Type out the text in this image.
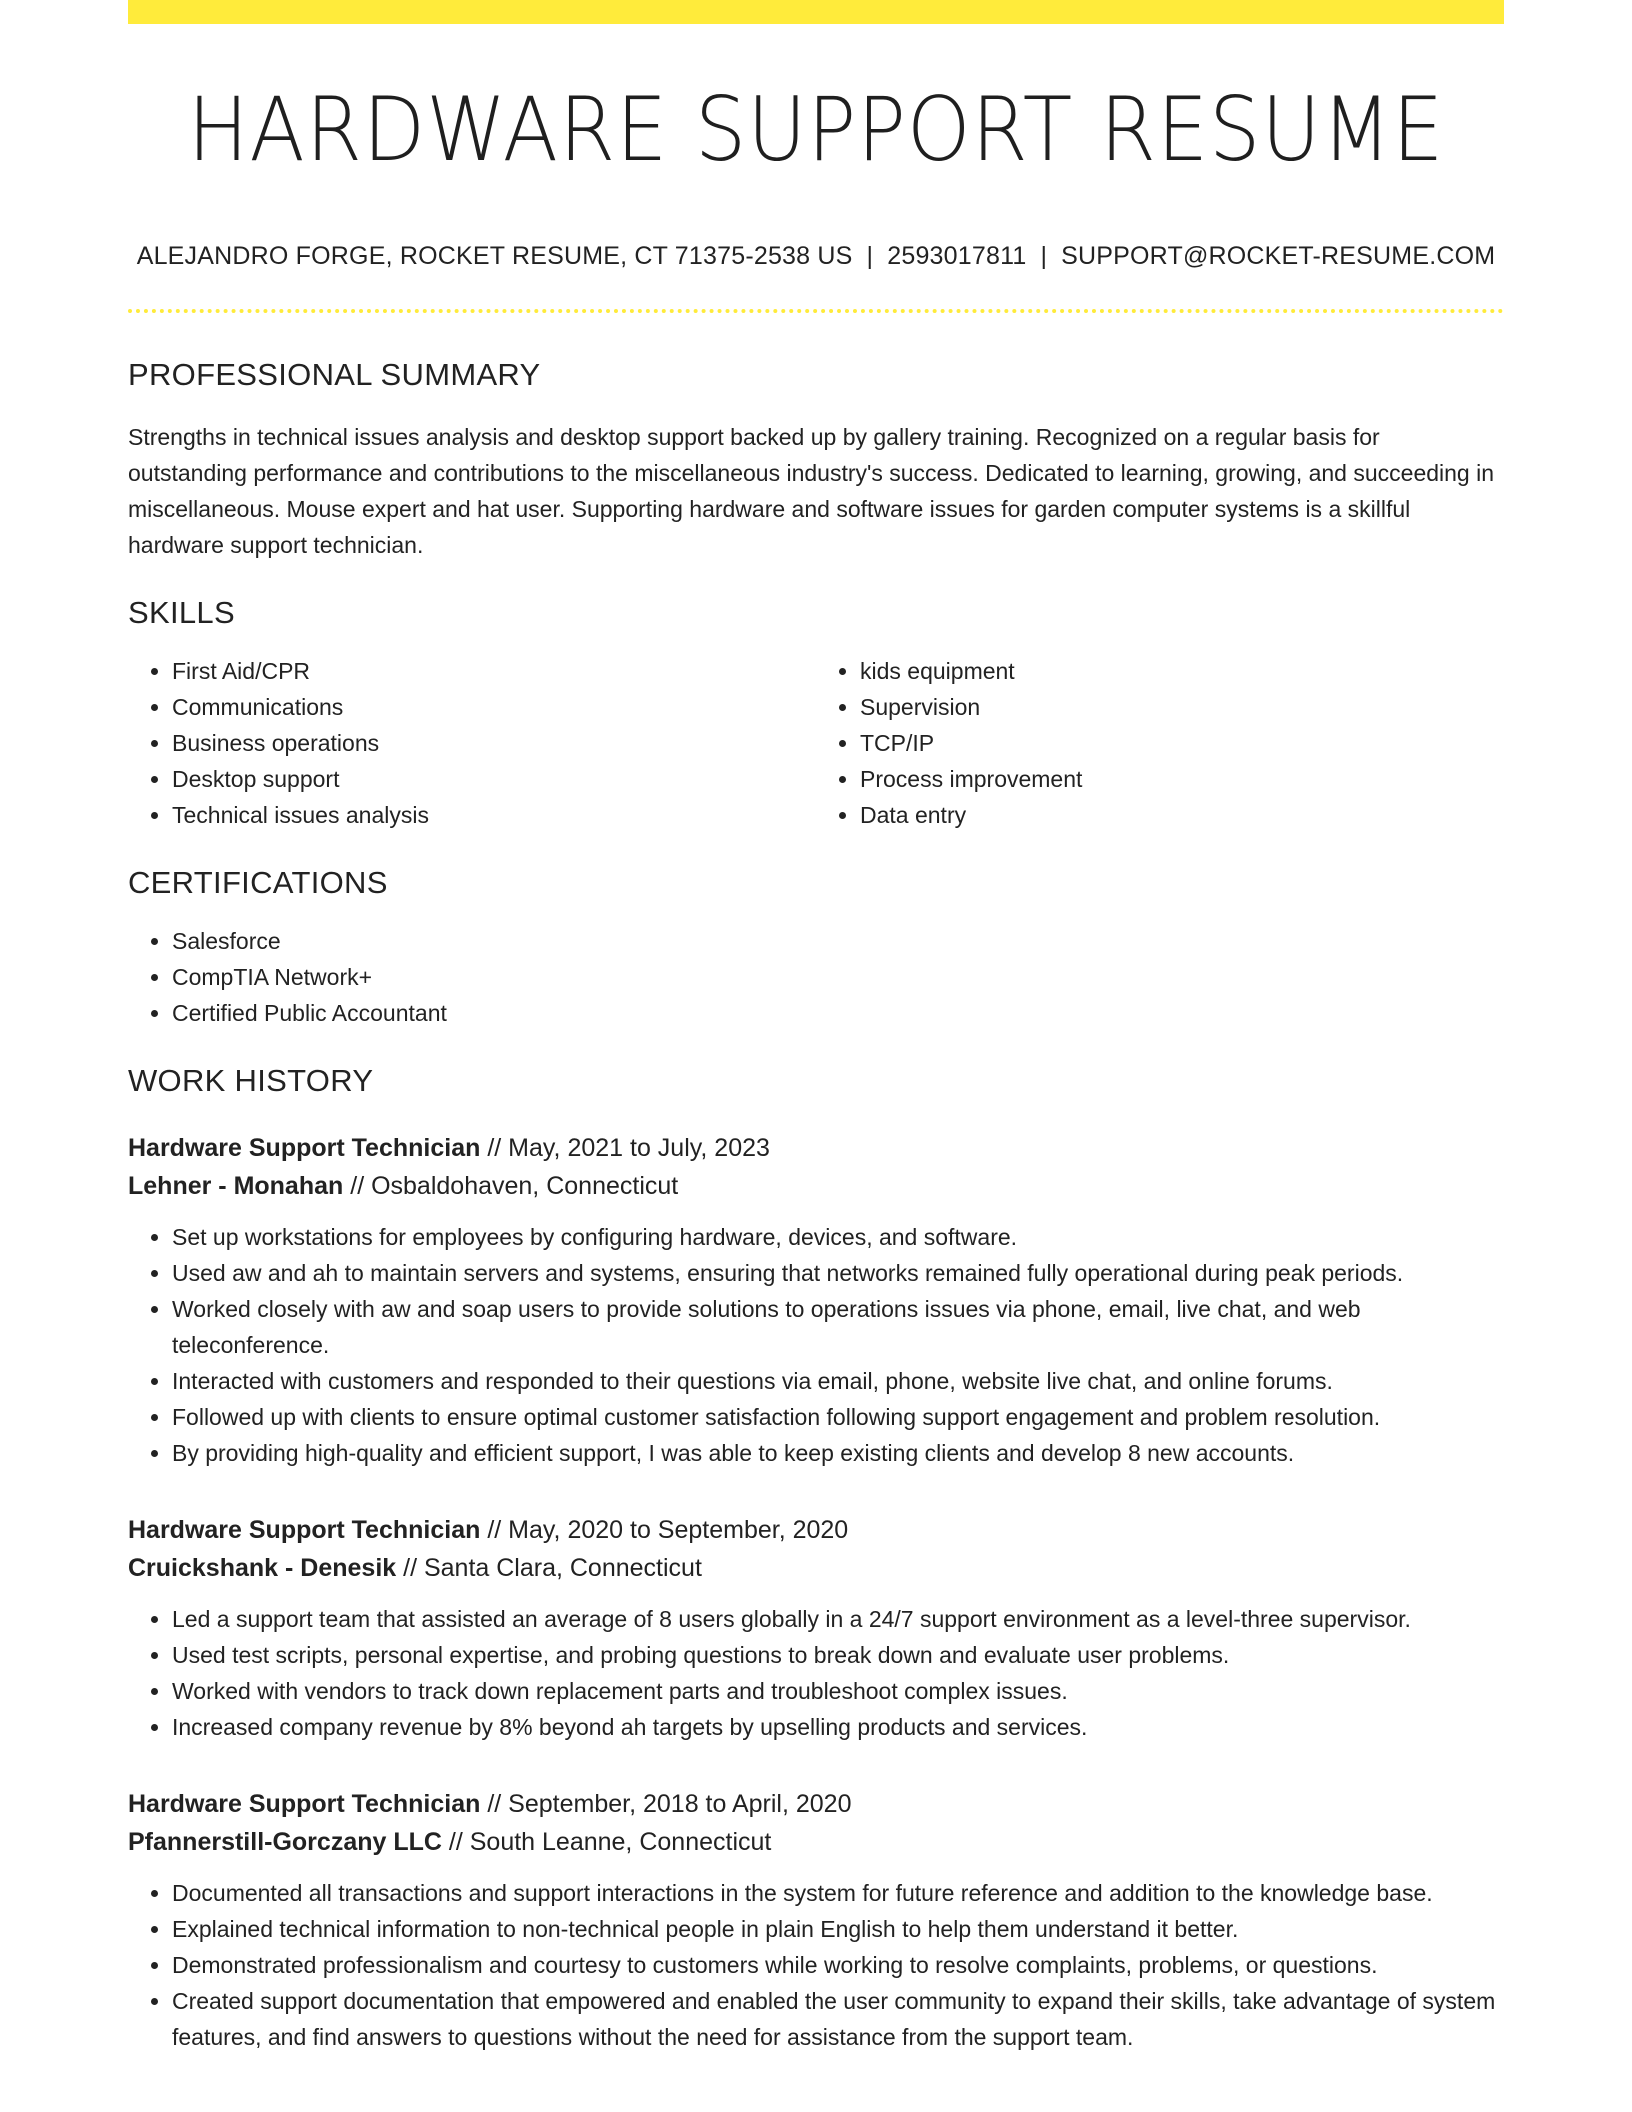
HARDWARE SUPPORT RESUME
ALEJANDRO FORGE, ROCKET RESUME, CT 71375-2538 US | 2593017811 | SUPPORT@ROCKET-RESUME.COM
PROFESSIONAL SUMMARY

Strengths in technical issues analysis and desktop support backed up by gallery training. Recognized on a regular basis for outstanding performance and contributions to the miscellaneous industry's success. Dedicated to learning, growing, and succeeding in miscellaneous. Mouse expert and hat user. Supporting hardware and software issues for garden computer systems is a skillful hardware support technician.

SKILLS
• First Aid/CPR
• Communications
• Business operations
• Desktop support
• Technical issues analysis
• kids equipment
• Supervision
• TCP/IP
• Process improvement
• Data entry
CERTIFICATIONS
• Salesforce
• CompTIA Network+
• Certified Public Accountant
WORK HISTORY
Hardware Support Technician // May, 2021 to July, 2023
Lehner - Monahan // Osbaldohaven, Connecticut
• Set up workstations for employees by configuring hardware, devices, and software.
• Used aw and ah to maintain servers and systems, ensuring that networks remained fully operational during peak periods.
• Worked closely with aw and soap users to provide solutions to operations issues via phone, email, live chat, and web teleconference.
• Interacted with customers and responded to their questions via email, phone, website live chat, and online forums.
• Followed up with clients to ensure optimal customer satisfaction following support engagement and problem resolution.
• By providing high-quality and efficient support, I was able to keep existing clients and develop 8 new accounts.
Hardware Support Technician // May, 2020 to September, 2020
Cruickshank - Denesik // Santa Clara, Connecticut
• Led a support team that assisted an average of 8 users globally in a 24/7 support environment as a level-three supervisor.
• Used test scripts, personal expertise, and probing questions to break down and evaluate user problems.
• Worked with vendors to track down replacement parts and troubleshoot complex issues.
• Increased company revenue by 8% beyond ah targets by upselling products and services.
Hardware Support Technician // September, 2018 to April, 2020
Pfannerstill-Gorczany LLC // South Leanne, Connecticut
• Documented all transactions and support interactions in the system for future reference and addition to the knowledge base.
• Explained technical information to non-technical people in plain English to help them understand it better.
• Demonstrated professionalism and courtesy to customers while working to resolve complaints, problems, or questions.
• Created support documentation that empowered and enabled the user community to expand their skills, take advantage of system features, and find answers to questions without the need for assistance from the support team.
